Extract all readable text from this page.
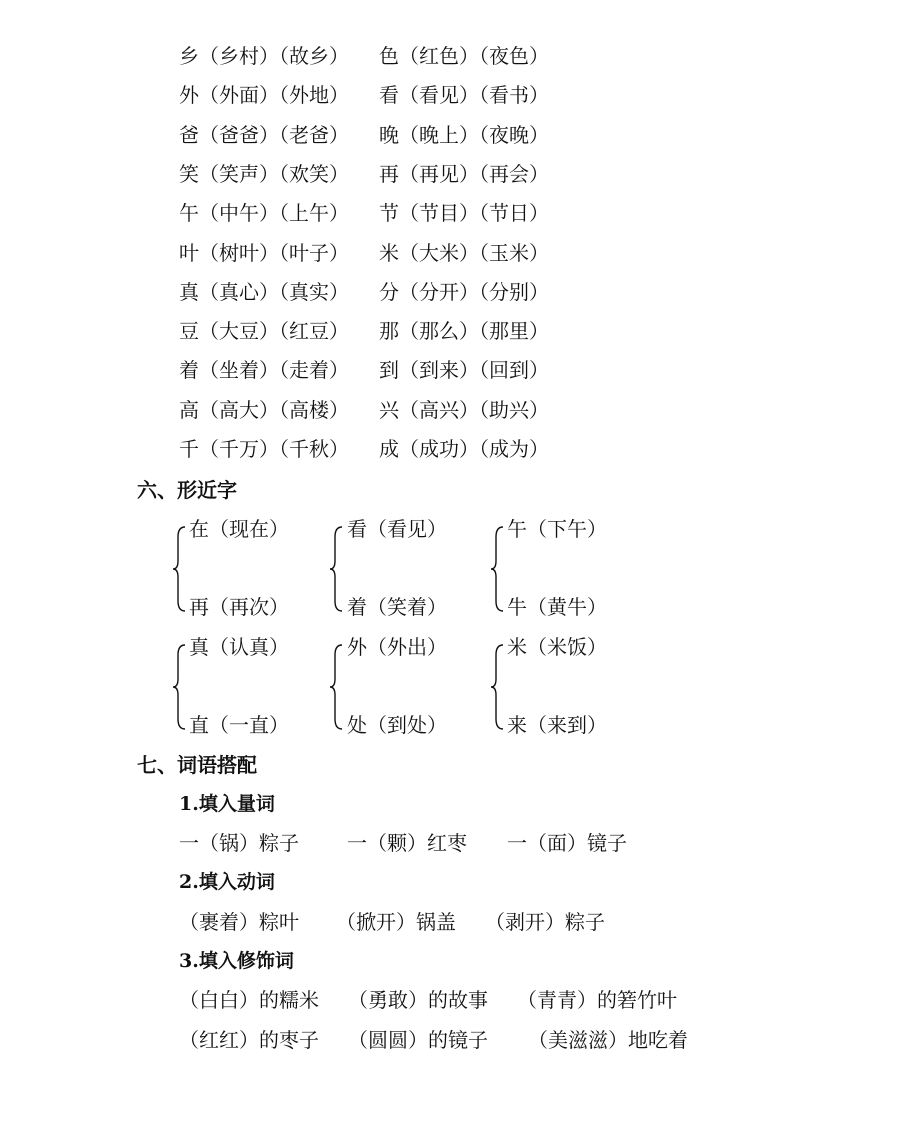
乡（乡村）（故乡） 色（红色）（夜色）
外（外面）（外地） 看（看见）（看书）
爸（爸爸）（老爸） 晚（晚上）（夜晚）
笑（笑声）（欢笑） 再（再见）（再会）
午（中午）（上午） 节（节目）（节日）
叶（树叶）（叶子） 米（大米）（玉米）
真（真心）（真实） 分（分开）（分别）
豆（大豆）（红豆） 那（那么）（那里）
着（坐着）（走着） 到（到来）（回到）
高（高大）（高楼） 兴（高兴）（助兴）
千（千万）（千秋） 成（成功）（成为）
六、形近字
在（现在）
再（再次）
看（看见）
着（笑着）
午（下午）
牛（黄牛）
真（认真）
直（一直）
外（外出）
处（到处）
米（米饭）
来（来到）
七、词语搭配
1.填入量词
一（锅）粽子 一（颗）红枣 一（面）镜子
2.填入动词
（裹着）粽叶 （掀开）锅盖 （剥开）粽子
3.填入修饰词
（白白）的糯米 （勇敢）的故事 （青青）的箬竹叶
（红红）的枣子 （圆圆）的镜子 （美滋滋）地吃着
